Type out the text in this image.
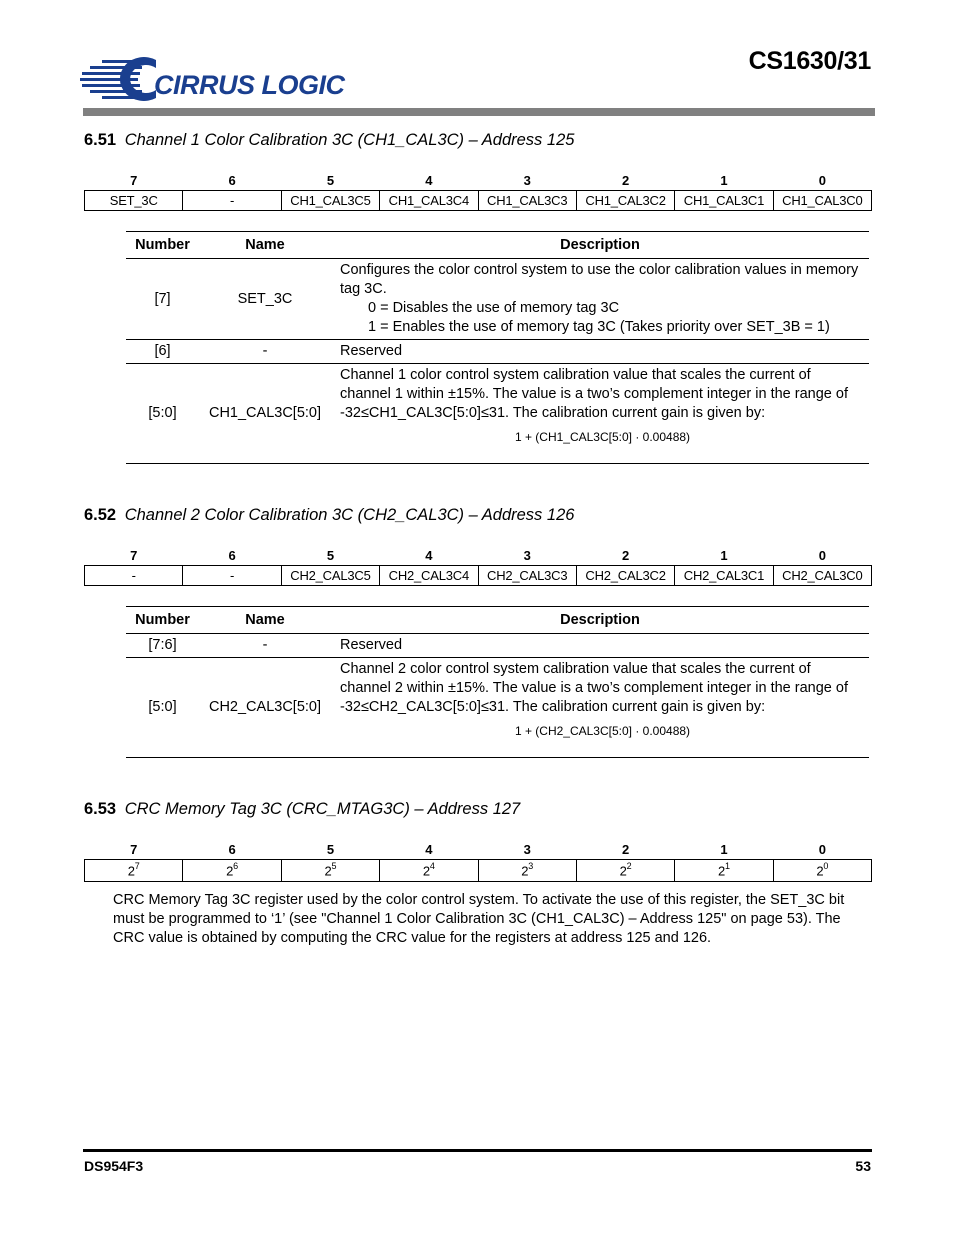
CIRRUS LOGIC
CS1630/31
6.51 Channel 1 Color Calibration 3C (CH1_CAL3C) – Address 125
7	6	5	4	3	2	1	0
SET_3C	-	CH1_CAL3C5	CH1_CAL3C4	CH1_CAL3C3	CH1_CAL3C2	CH1_CAL3C1	CH1_CAL3C0
Number	Name	Description
[7]	SET_3C	Configures the color control system to use the color calibration values in memory tag 3C.
0 = Disables the use of memory tag 3C
1 = Enables the use of memory tag 3C (Takes priority over SET_3B = 1)

[6]	-	Reserved
[5:0]	CH1_CAL3C[5:0]	Channel 1 color control system calibration value that scales the current of channel 1 within ±15%. The value is a two’s complement integer in the range of -32≤CH1_CAL3C[5:0]≤31. The calibration current gain is given by:
1 + (CH1_CAL3C[5:0] · 0.00488)
6.52 Channel 2 Color Calibration 3C (CH2_CAL3C) – Address 126
7	6	5	4	3	2	1	0
-	-	CH2_CAL3C5	CH2_CAL3C4	CH2_CAL3C3	CH2_CAL3C2	CH2_CAL3C1	CH2_CAL3C0
Number	Name	Description
[7:6]	-	Reserved
[5:0]	CH2_CAL3C[5:0]	Channel 2 color control system calibration value that scales the current of channel 2 within ±15%. The value is a two’s complement integer in the range of -32≤CH2_CAL3C[5:0]≤31. The calibration current gain is given by:
1 + (CH2_CAL3C[5:0] · 0.00488)
6.53 CRC Memory Tag 3C (CRC_MTAG3C) – Address 127
7	6	5	4	3	2	1	0
$2^7$	$2^6$	$2^5$	$2^4$	$2^3$	$2^2$	$2^1$	$2^0$
CRC Memory Tag 3C register used by the color control system. To activate the use of this register, the SET_3C bit must be programmed to ‘1’ (see "Channel 1 Color Calibration 3C (CH1_CAL3C) – Address 125" on page 53). The CRC value is obtained by computing the CRC value for the registers at address 125 and 126.
DS954F3	53
